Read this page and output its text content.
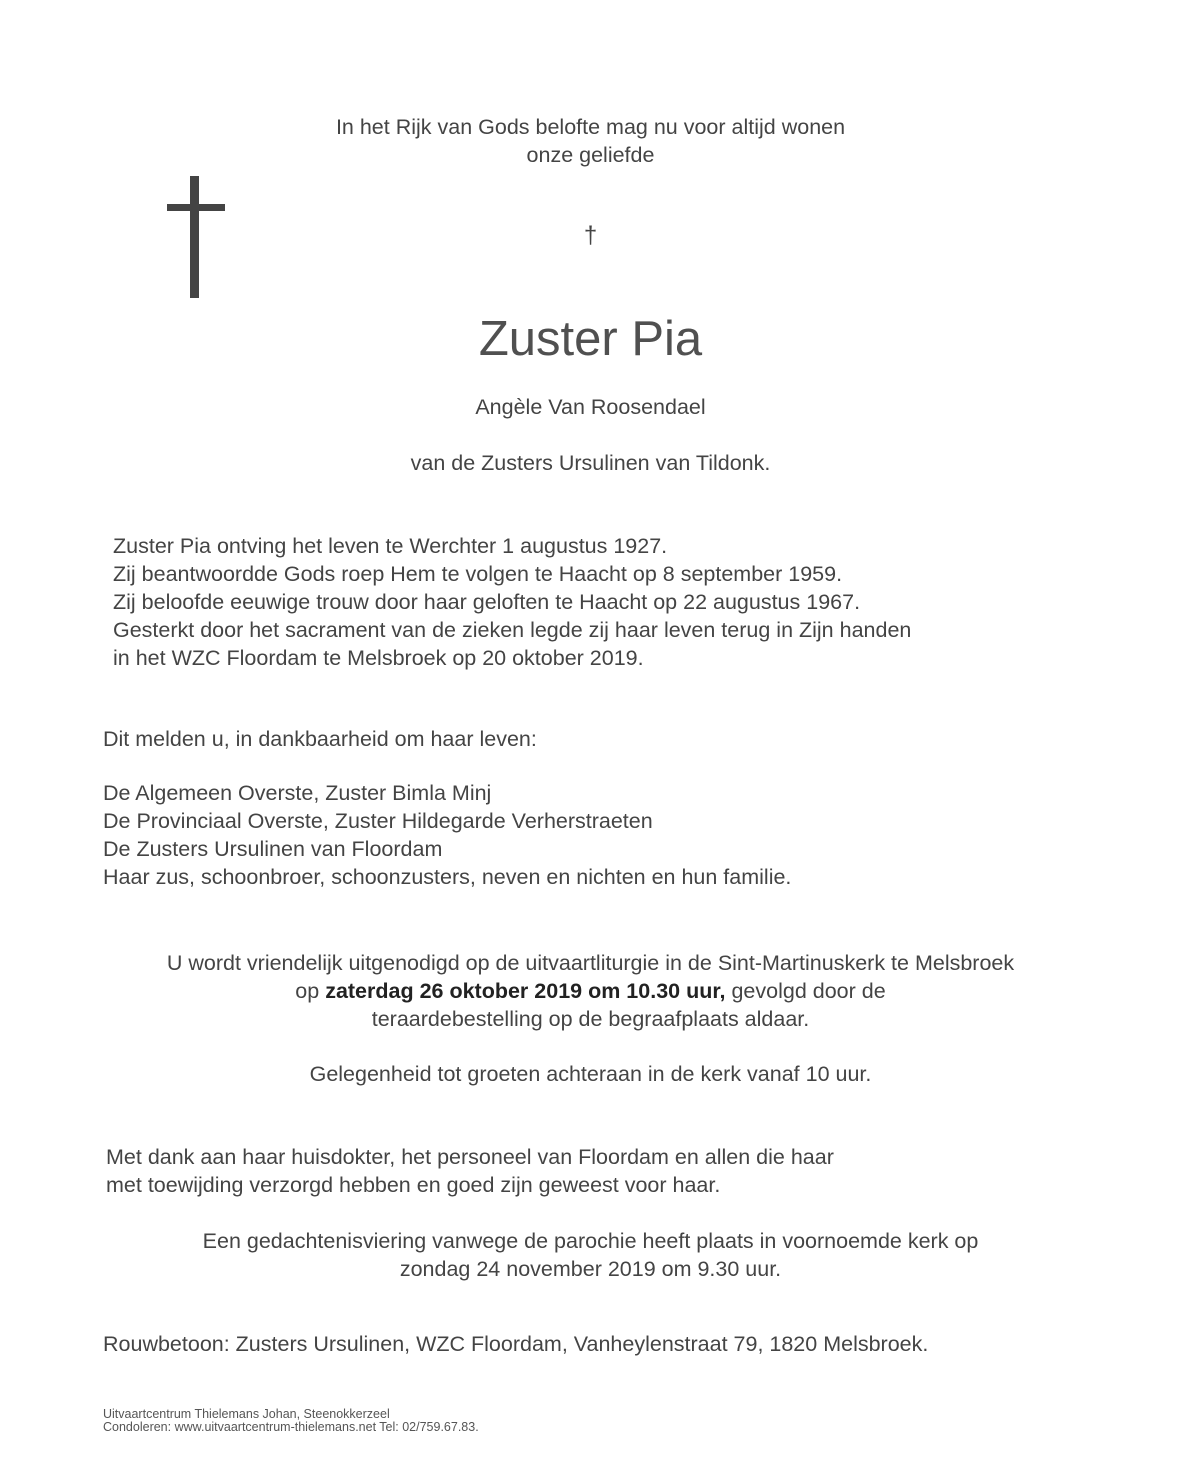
In het Rijk van Gods belofte mag nu voor altijd wonen
onze geliefde
†
Zuster Pia
Angèle Van Roosendael
van de Zusters Ursulinen van Tildonk.
Zuster Pia ontving het leven te Werchter 1 augustus 1927.
Zij beantwoordde Gods roep Hem te volgen te Haacht op 8 september 1959.
Zij beloofde eeuwige trouw door haar geloften te Haacht op 22 augustus 1967.
Gesterkt door het sacrament van de zieken legde zij haar leven terug in Zijn handen
in het WZC Floordam te Melsbroek op 20 oktober 2019.
Dit melden u, in dankbaarheid om haar leven:
De Algemeen Overste, Zuster Bimla Minj
De Provinciaal Overste, Zuster Hildegarde Verherstraeten
De Zusters Ursulinen van Floordam
Haar zus, schoonbroer, schoonzusters, neven en nichten en hun familie.
U wordt vriendelijk uitgenodigd op de uitvaartliturgie in de Sint-Martinuskerk te Melsbroek
op zaterdag 26 oktober 2019 om 10.30 uur, gevolgd door de
teraardebestelling op de begraafplaats aldaar.
Gelegenheid tot groeten achteraan in de kerk vanaf 10 uur.
Met dank aan haar huisdokter, het personeel van Floordam en allen die haar
met toewijding verzorgd hebben en goed zijn geweest voor haar.
Een gedachtenisviering vanwege de parochie heeft plaats in voornoemde kerk op
zondag 24 november 2019 om 9.30 uur.
Rouwbetoon: Zusters Ursulinen, WZC Floordam, Vanheylenstraat 79, 1820 Melsbroek.
Uitvaartcentrum Thielemans Johan, Steenokkerzeel
Condoleren: www.uitvaartcentrum-thielemans.net Tel: 02/759.67.83.
